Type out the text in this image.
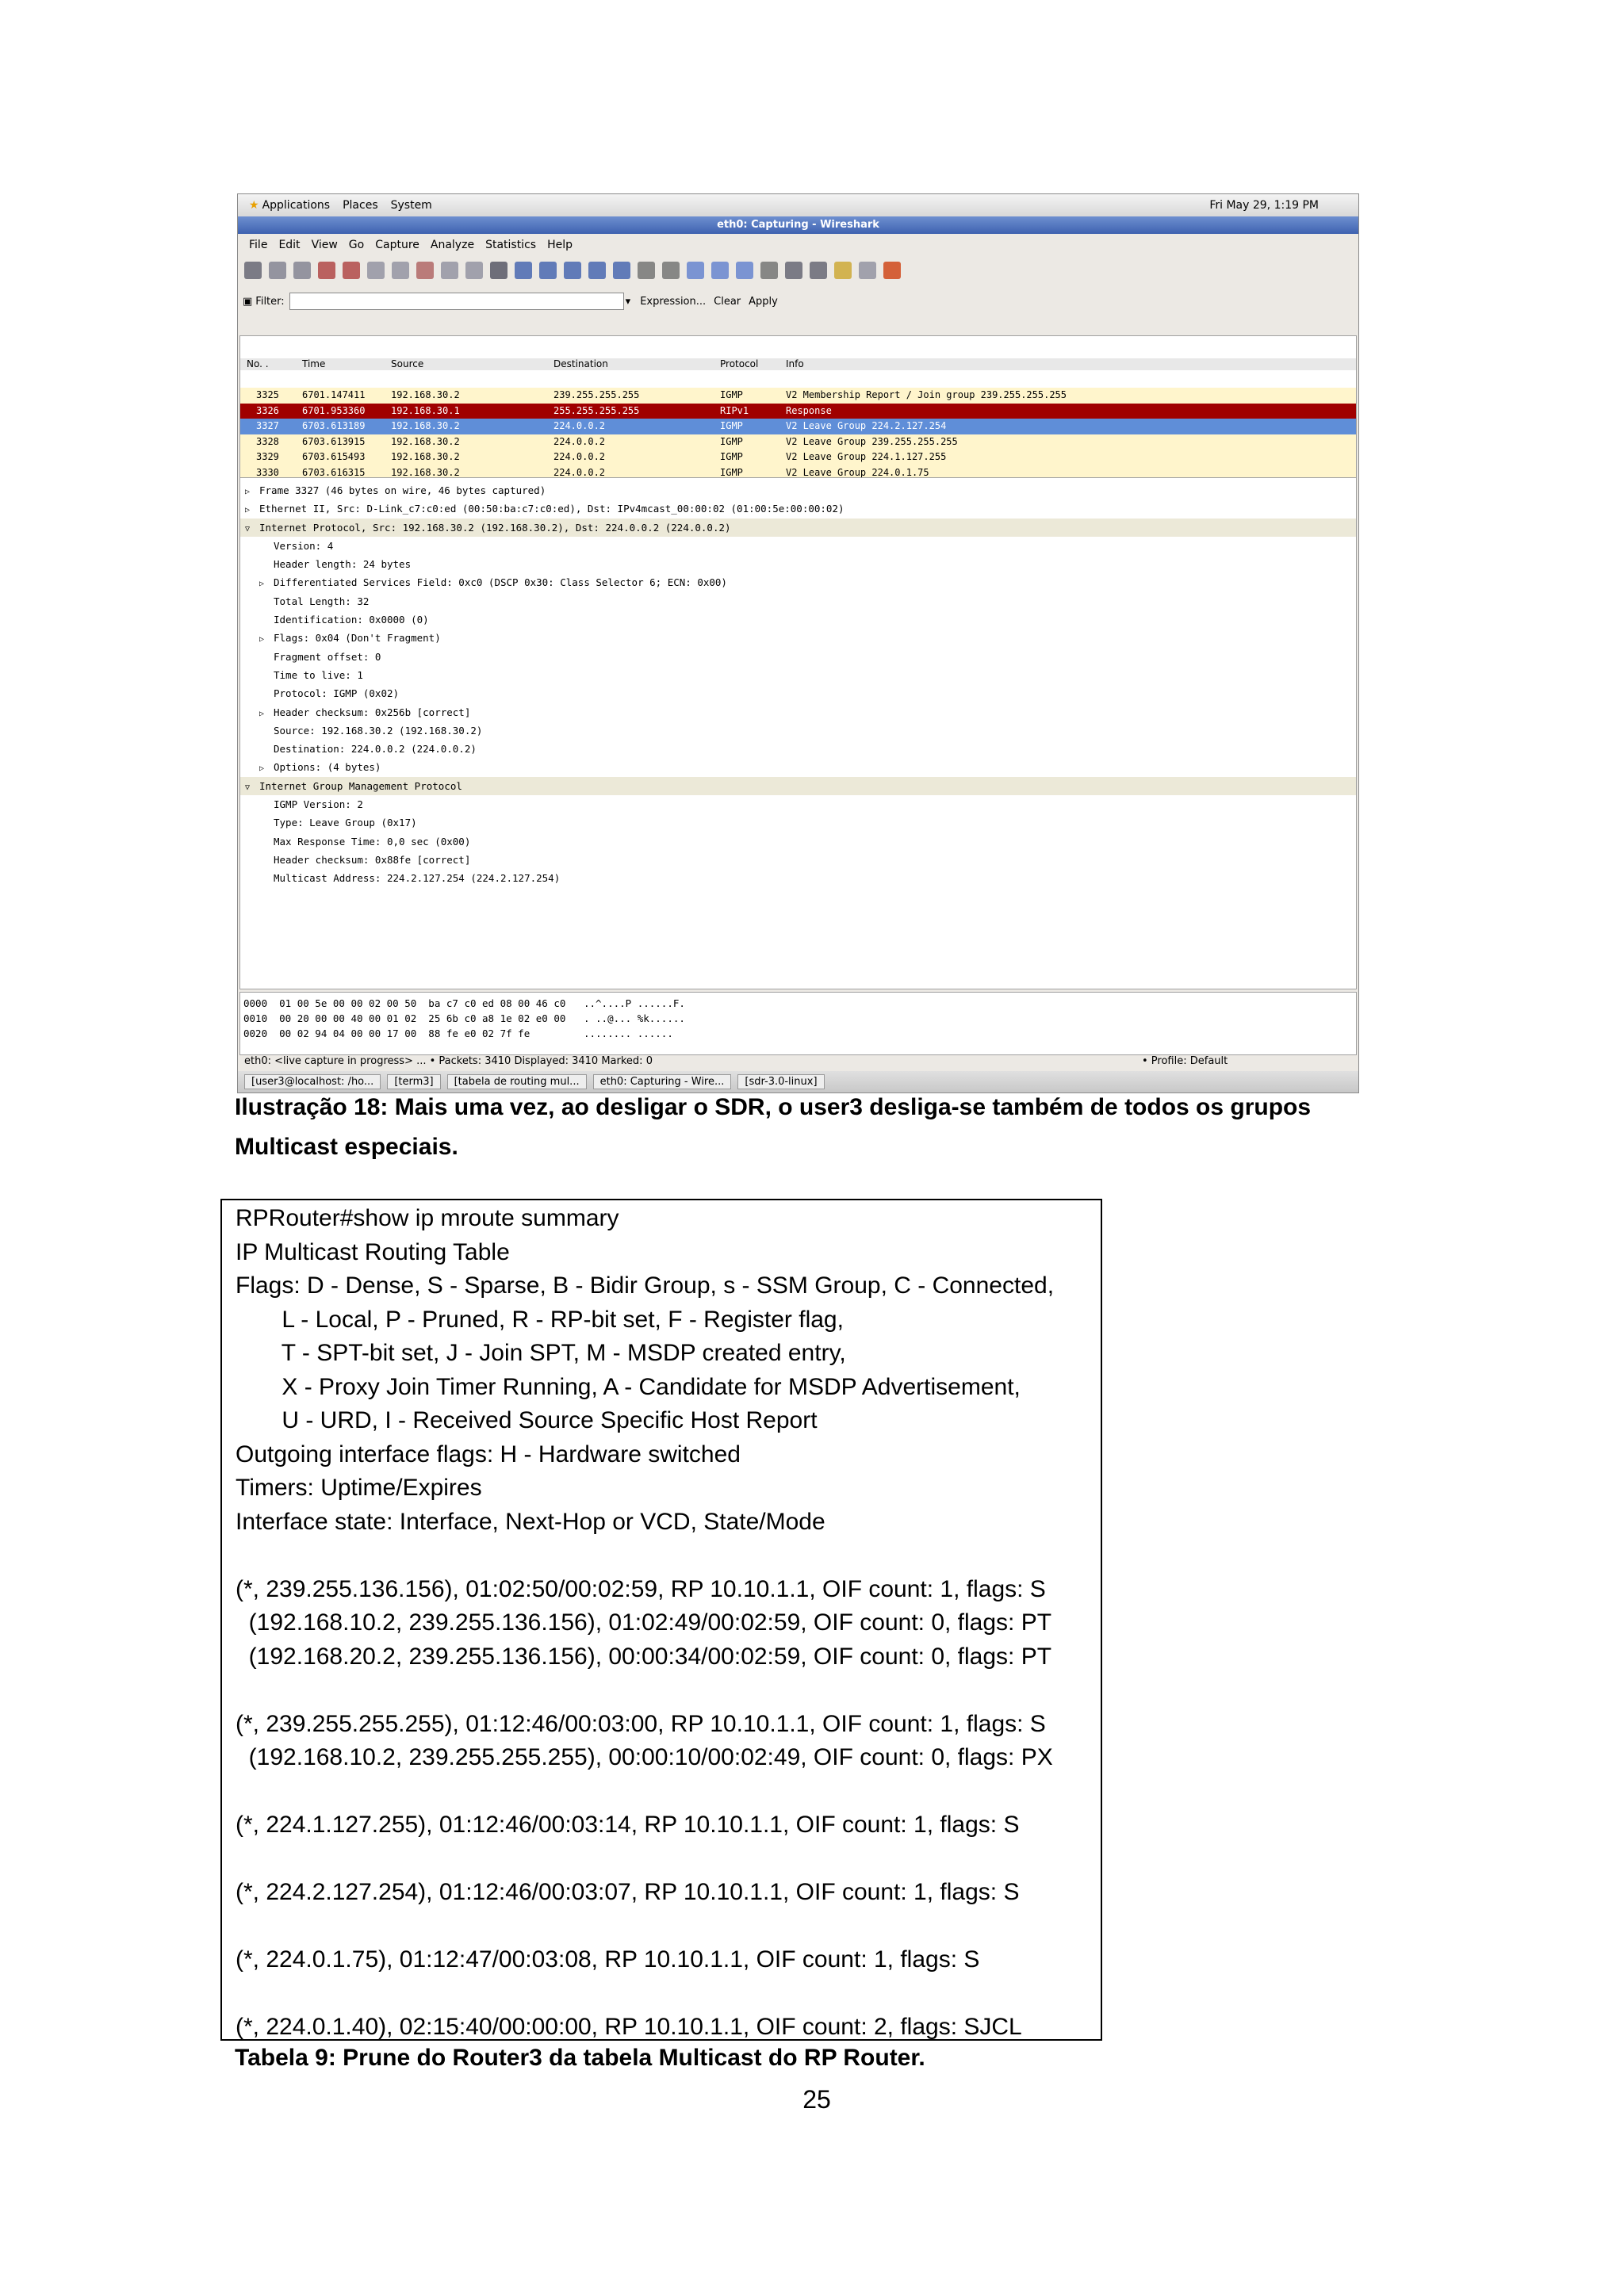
★ Applications Places System	Fri May 29, 1:19 PM
eth0: Capturing - Wireshark
File Edit View Go Capture Analyze Statistics Help
▣ Filter:	▾ Expression... Clear Apply

No. .	Time	Source	Destination	Protocol	Info

3325 6701.147411	192.168.30.2	239.255.255.255	IGMP	V2 Membership Report / Join group 239.255.255.255
3326 6701.953360	192.168.30.1	255.255.255.255	RIPv1	Response
3327 6703.613189	192.168.30.2	224.0.0.2	IGMP	V2 Leave Group 224.2.127.254
3328 6703.613915	192.168.30.2	224.0.0.2	IGMP	V2 Leave Group 239.255.255.255
3329 6703.615493	192.168.30.2	224.0.0.2	IGMP	V2 Leave Group 224.1.127.255
3330 6703.616315	192.168.30.2	224.0.0.2	IGMP	V2 Leave Group 224.0.1.75

▷ Frame 3327 (46 bytes on wire, 46 bytes captured)
▷ Ethernet II, Src: D-Link_c7:c0:ed (00:50:ba:c7:c0:ed), Dst: IPv4mcast_00:00:02 (01:00:5e:00:00:02)
▽ Internet Protocol, Src: 192.168.30.2 (192.168.30.2), Dst: 224.0.0.2 (224.0.0.2)
Version: 4
Header length: 24 bytes
▷ Differentiated Services Field: 0xc0 (DSCP 0x30: Class Selector 6; ECN: 0x00)
Total Length: 32
Identification: 0x0000 (0)
▷ Flags: 0x04 (Don't Fragment)
Fragment offset: 0
Time to live: 1
Protocol: IGMP (0x02)
▷ Header checksum: 0x256b [correct]
Source: 192.168.30.2 (192.168.30.2)
Destination: 224.0.0.2 (224.0.0.2)
▷ Options: (4 bytes)
▽ Internet Group Management Protocol
IGMP Version: 2
Type: Leave Group (0x17)
Max Response Time: 0,0 sec (0x00)
Header checksum: 0x88fe [correct]
Multicast Address: 224.2.127.254 (224.2.127.254)
0000  01 00 5e 00 00 02 00 50  ba c7 c0 ed 08 00 46 c0   ..^....P ......F.
0010  00 20 00 00 40 00 01 02  25 6b c0 a8 1e 02 e0 00   . ..@... %k......
0020  00 02 94 04 00 00 17 00  88 fe e0 02 7f fe         ........ ......
eth0: <live capture in progress> ... • Packets: 3410 Displayed: 3410 Marked: 0	• Profile: Default
[user3@localhost: /ho...	[term3]	[tabela de routing mul...	eth0: Capturing - Wire...	[sdr-3.0-linux]
Ilustração 18: Mais uma vez, ao desligar o SDR, o user3 desliga-se também de todos os grupos
Multicast especiais.
RPRouter#show ip mroute summary
IP Multicast Routing Table
Flags: D - Dense, S - Sparse, B - Bidir Group, s - SSM Group, C - Connected,
L - Local, P - Pruned, R - RP-bit set, F - Register flag,
T - SPT-bit set, J - Join SPT, M - MSDP created entry,
X - Proxy Join Timer Running, A - Candidate for MSDP Advertisement,
U - URD, I - Received Source Specific Host Report
Outgoing interface flags: H - Hardware switched
Timers: Uptime/Expires
Interface state: Interface, Next-Hop or VCD, State/Mode
(*, 239.255.136.156), 01:02:50/00:02:59, RP 10.10.1.1, OIF count: 1, flags: S
(192.168.10.2, 239.255.136.156), 01:02:49/00:02:59, OIF count: 0, flags: PT
(192.168.20.2, 239.255.136.156), 00:00:34/00:02:59, OIF count: 0, flags: PT
(*, 239.255.255.255), 01:12:46/00:03:00, RP 10.10.1.1, OIF count: 1, flags: S
(192.168.10.2, 239.255.255.255), 00:00:10/00:02:49, OIF count: 0, flags: PX
(*, 224.1.127.255), 01:12:46/00:03:14, RP 10.10.1.1, OIF count: 1, flags: S
(*, 224.2.127.254), 01:12:46/00:03:07, RP 10.10.1.1, OIF count: 1, flags: S
(*, 224.0.1.75), 01:12:47/00:03:08, RP 10.10.1.1, OIF count: 1, flags: S
(*, 224.0.1.40), 02:15:40/00:00:00, RP 10.10.1.1, OIF count: 2, flags: SJCL
Tabela 9: Prune do Router3 da tabela Multicast do RP Router.
25
